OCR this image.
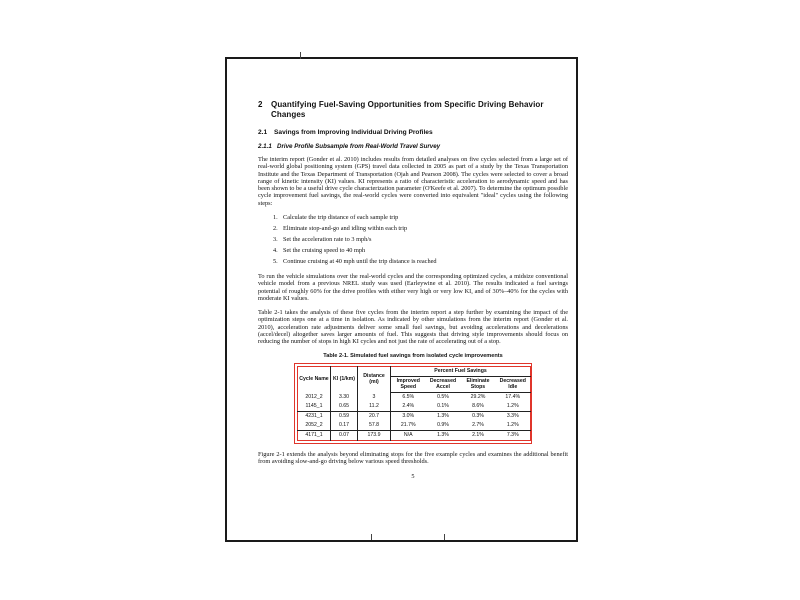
2	Quantifying Fuel-Saving Opportunities from Specific Driving Behavior Changes
2.1	Savings from Improving Individual Driving Profiles
2.1.1 Drive Profile Subsample from Real-World Travel Survey

The interim report (Gonder et al. 2010) includes results from detailed analyses on five cycles selected from a large set of real-world global positioning system (GPS) travel data collected in 2005 as part of a study by the Texas Transportation Institute and the Texas Department of Transportation (Ojah and Pearson 2008). The cycles were selected to cover a broad range of kinetic intensity (KI) values. KI represents a ratio of characteristic acceleration to aerodynamic speed and has been shown to be a useful drive cycle characterization parameter (O'Keefe et al. 2007). To determine the optimum possible cycle improvement fuel savings, the real-world cycles were converted into equivalent "ideal" cycles using the following steps:

1. Calculate the trip distance of each sample trip
2. Eliminate stop-and-go and idling within each trip
3. Set the acceleration rate to 3 mph/s
4. Set the cruising speed to 40 mph
5. Continue cruising at 40 mph until the trip distance is reached

To run the vehicle simulations over the real-world cycles and the corresponding optimized cycles, a midsize conventional vehicle model from a previous NREL study was used (Earleywine et al. 2010). The results indicated a fuel savings potential of roughly 60% for the drive profiles with either very high or very low KI, and of 30%–40% for the cycles with moderate KI values.

Table 2-1 takes the analysis of these five cycles from the interim report a step further by examining the impact of the optimization steps one at a time in isolation. As indicated by other simulations from the interim report (Gonder et al. 2010), acceleration rate adjustments deliver some small fuel savings, but avoiding accelerations and decelerations (accel/decel) altogether saves larger amounts of fuel. This suggests that driving style improvements should focus on reducing the number of stops in high KI cycles and not just the rate of accelerating out of a stop.

Table 2-1. Simulated fuel savings from isolated cycle improvements
Cycle Name	KI (1/km)	Distance (mi)	Percent Fuel Savings			
			Improved Speed	Decreased Accel	Eliminate Stops	Decreased Idle
2012_2	3.30	3	6.5%	0.5%	29.2%	17.4%
1145_1	0.65	11.2	2.4%	0.1%	8.6%	1.2%
4231_1	0.59	20.7	3.0%	1.3%	0.3%	3.3%
2052_2	0.17	57.8	21.7%	0.9%	2.7%	1.2%
4171_1	0.07	173.9	N/A	1.3%	2.1%	7.3%

Figure 2-1 extends the analysis beyond eliminating stops for the five example cycles and examines the additional benefit from avoiding slow-and-go driving below various speed thresholds.

5
